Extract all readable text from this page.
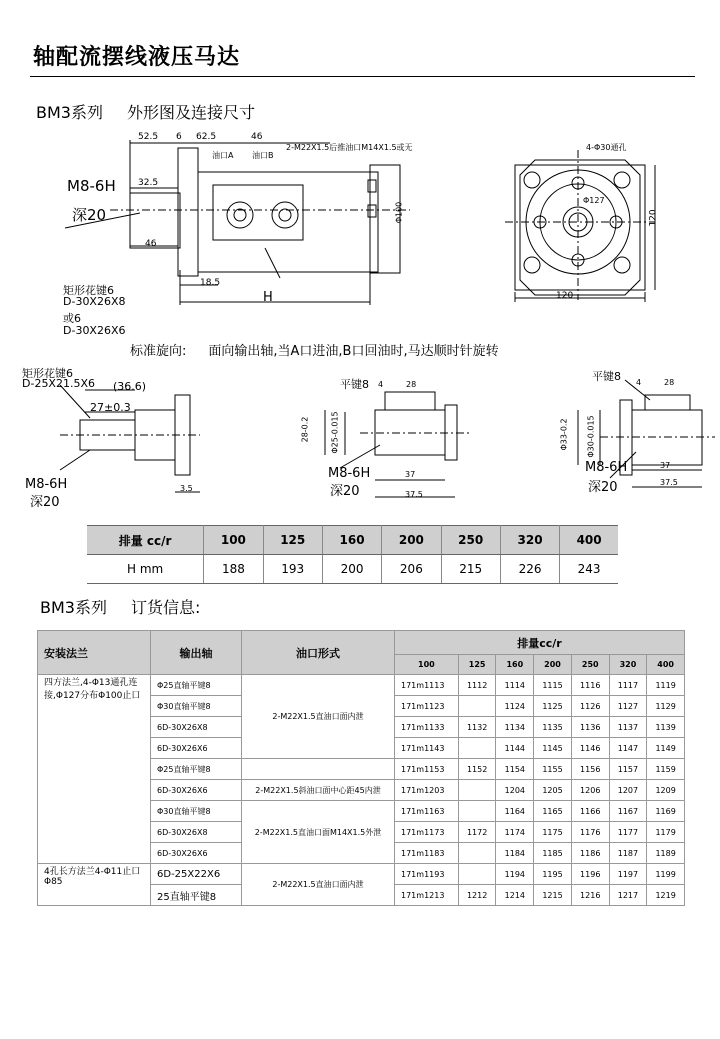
轴配流摆线液压马达
BM3系列 外形图及连接尺寸
52.5 6 62.5	46
2-M22X1.5后推油口M14X1.5或无
油口A 油口B
M8-6H 32.5
深20
46
Φ100
18.5
H
矩形花键6
D-30X26X8
或6
D-30X26X6
4-Φ30通孔
Φ127
120
120
标准旋向: 面向输出轴,当A口进油,B口回油时,马达顺时针旋转
矩形花键6
D-25X21.5X6 (36.6)
27±0.3
M8-6H
深20
3.5
平键8 4	28
28-0.2	Φ25-0.015
M8-6H
深20
37
37.5
平键8 4	28
Φ33-0.2 Φ30-0.015
M8-6H
深20
37
37.5
排量 cc/r	100	125	160	200	250	320	400
H mm	188	193	200	206	215	226	243
BM3系列 订货信息:
安装法兰	输出轴	油口形式	排量cc/r						
			100	125	160	200	250	320	400
四方法兰,4-Φ13通孔连接,Φ127分布Φ100止口	Φ25直轴平键8	2-M22X1.5直油口面内泄	171m1113	1112	1114	1115	1116	1117	1119
	Φ30直轴平键8		171m1123		1124	1125	1126	1127	1129
	6D-30X26X8		171m1133	1132	1134	1135	1136	1137	1139
	6D-30X26X6		171m1143		1144	1145	1146	1147	1149
	Φ25直轴平键8		171m1153	1152	1154	1155	1156	1157	1159
	6D-30X26X6	2-M22X1.5斜油口面中心距45内泄	171m1203		1204	1205	1206	1207	1209
	Φ30直轴平键8	2-M22X1.5直油口面M14X1.5外泄	171m1163		1164	1165	1166	1167	1169
	6D-30X26X8		171m1173	1172	1174	1175	1176	1177	1179
	6D-30X26X6		171m1183		1184	1185	1186	1187	1189
4孔长方法兰4-Φ11止口Φ85	6D-25X22X6	2-M22X1.5直油口面内泄	171m1193		1194	1195	1196	1197	1199
	25直轴平键8		171m1213	1212	1214	1215	1216	1217	1219
